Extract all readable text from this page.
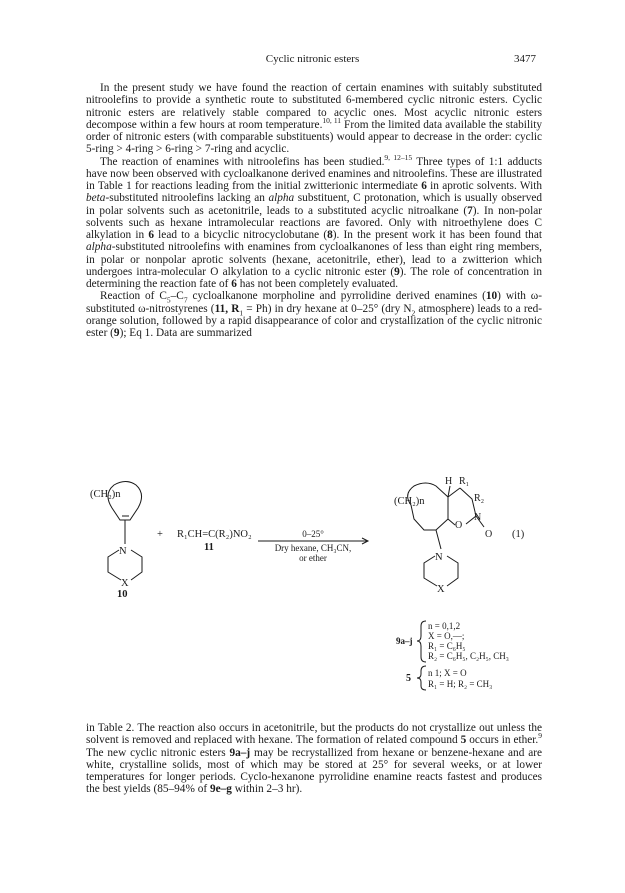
Cyclic nitronic esters	3477

In the present study we have found the reaction of certain enamines with suitably substituted nitroolefins to provide a synthetic route to substituted 6-membered cyclic nitronic esters. Cyclic nitronic esters are relatively stable compared to acyclic ones. Most acyclic nitronic esters decompose within a few hours at room temperature.$^{10, 11}$ From the limited data available the stability order of nitronic esters (with comparable substituents) would appear to decrease in the order: cyclic 5-ring > 4-ring > 6-ring > 7-ring and acyclic.

The reaction of enamines with nitroolefins has been studied.$^{9, 12-15}$ Three types of 1:1 adducts have now been observed with cycloalkanone derived enamines and nitroolefins. These are illustrated in Table 1 for reactions leading from the initial zwitterionic intermediate 6 in aprotic solvents. With beta-substituted nitroolefins lacking an alpha substituent, C protonation, which is usually observed in polar solvents such as acetonitrile, leads to a substituted acyclic nitroalkane (7). In non-polar solvents such as hexane intramolecular reactions are favored. Only with nitroethylene does C alkylation in 6 lead to a bicyclic nitrocyclobutane (8). In the present work it has been found that alpha-substituted nitroolefins with enamines from cycloalkanones of less than eight ring members, in polar or nonpolar aprotic solvents (hexane, acetonitrile, ether), lead to a zwitterion which undergoes intra-molecular O alkylation to a cyclic nitronic ester (9). The role of concentration in determining the reaction fate of 6 has not been completely evaluated.

Reaction of $C_5-C_7$ cycloalkanone morpholine and pyrrolidine derived enamines (10) with ω-substituted ω-nitrostyrenes (11, $R_1 = Ph$) in dry hexane at 0–25° (dry $N_2$ atmosphere) leads to a red-orange solution, followed by a rapid disappearance of color and crystallization of the cyclic nitronic ester (9); Eq 1. Data are summarized

(CH₂)n
N
X
10
+ R₁CH=C(R₂)NO₂
11
0–25°
Dry hexane, CH₃CN,
or ether
(CH₂)n
H R₁
R₂
O
N
O (1)
N
X
9a–j
n = 0,1,2
X = O,—;
R₁ = C₆H₅
R₂ = C₆H₅, C₂H₅, CH₃
5 n 1; X = O
R₁ = H; R₂ = CH₃

in Table 2. The reaction also occurs in acetonitrile, but the products do not crystallize out unless the solvent is removed and replaced with hexane. The formation of related compound 5 occurs in ether.$^9$ The new cyclic nitronic esters 9a–j may be recrystallized from hexane or benzene-hexane and are white, crystalline solids, most of which may be stored at 25° for several weeks, or at lower temperatures for longer periods. Cyclo-hexanone pyrrolidine enamine reacts fastest and produces the best yields (85–94% of 9e–g within 2–3 hr).
